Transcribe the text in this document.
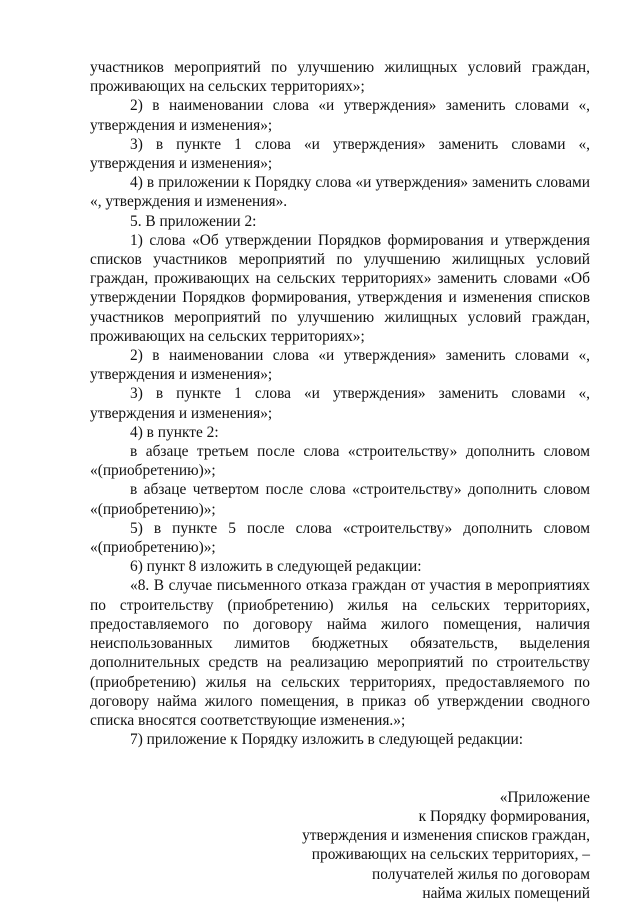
участников мероприятий по улучшению жилищных условий граждан, проживающих на сельских территориях»;

2) в наименовании слова «и утверждения» заменить словами «, утверждения и изменения»;

3) в пункте 1 слова «и утверждения» заменить словами «, утверждения и изменения»;

4) в приложении к Порядку слова «и утверждения» заменить словами «, утверждения и изменения».

5. В приложении 2:

1) слова «Об утверждении Порядков формирования и утверждения списков участников мероприятий по улучшению жилищных условий граждан, проживающих на сельских территориях» заменить словами «Об утверждении Порядков формирования, утверждения и изменения списков участников мероприятий по улучшению жилищных условий граждан, проживающих на сельских территориях»;

2) в наименовании слова «и утверждения» заменить словами «, утверждения и изменения»;

3) в пункте 1 слова «и утверждения» заменить словами «, утверждения и изменения»;

4) в пункте 2:

в абзаце третьем после слова «строительству» дополнить словом «(приобретению)»;

в абзаце четвертом после слова «строительству» дополнить словом «(приобретению)»;

5) в пункте 5 после слова «строительству» дополнить словом «(приобретению)»;

6) пункт 8 изложить в следующей редакции:

«8. В случае письменного отказа граждан от участия в мероприятиях по строительству (приобретению) жилья на сельских территориях, предоставляемого по договору найма жилого помещения, наличия неиспользованных лимитов бюджетных обязательств, выделения дополнительных средств на реализацию мероприятий по строительству (приобретению) жилья на сельских территориях, предоставляемого по договору найма жилого помещения, в приказ об утверждении сводного списка вносятся соответствующие изменения.»;

7) приложение к Порядку изложить в следующей редакции:

«Приложение
к Порядку формирования,
утверждения и изменения списков граждан,
проживающих на сельских территориях, –
получателей жилья по договорам
найма жилых помещений
